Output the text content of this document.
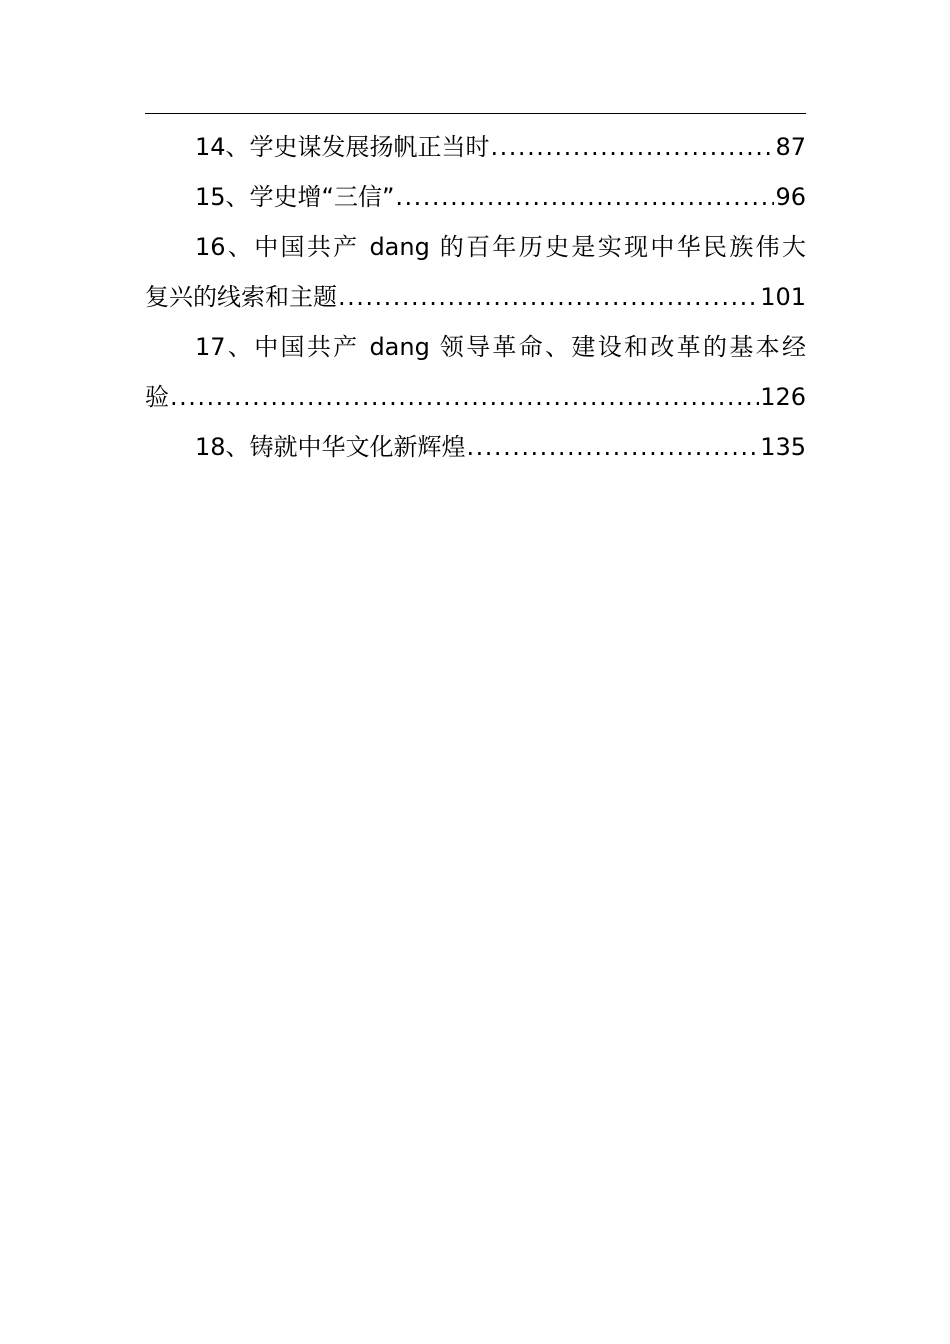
14、学史谋发展扬帆正当时 .....	87
15、学史增“三信” .....	96
16、中国共产 dang 的百年历史是实现中华民族伟大
复兴的线索和主题 .....	101
17、中国共产 dang 领导革命、建设和改革的基本经
验 .....	126
18、铸就中华文化新辉煌 .....	135
